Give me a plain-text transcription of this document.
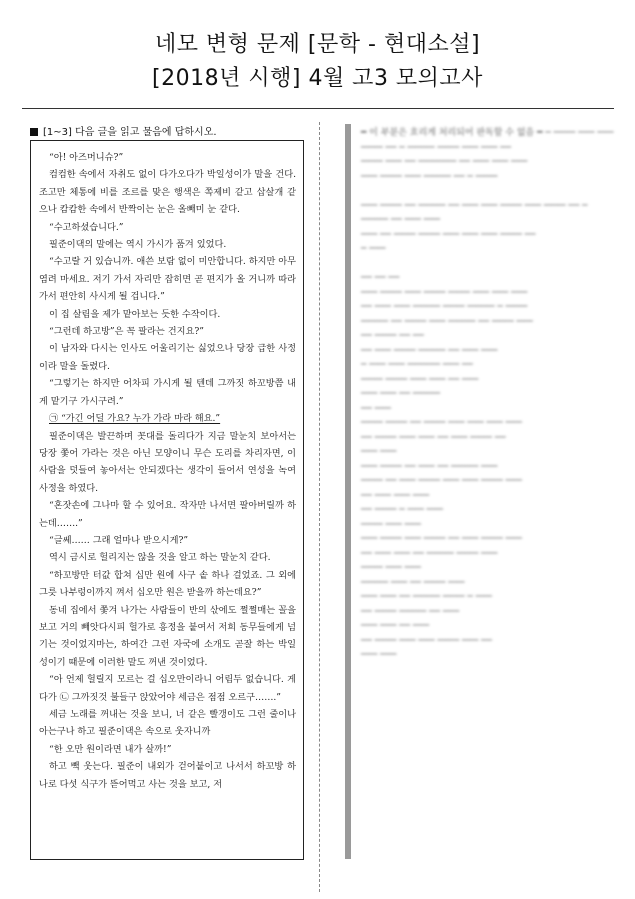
네모 변형 문제 [문학 - 현대소설]
[2018년 시행] 4월 고3 모의고사
[1~3] 다음 글을 읽고 물음에 답하시오.

“아! 아즈머니슈?”

컴컴한 속에서 자취도 없이 다가오다가 박일성이가 말을 건다. 조고만 체통에 비를 조르를 맞은 행색은 쪽제비 같고 삽살개 같으나 캄캄한 속에서 반짝이는 눈은 올빼미 눈 같다.

“수고하셨습니다.”

필준이댁의 말에는 역시 가시가 품겨 있었다.

“수고랄 거 있습니까. 애쓴 보람 없이 미안합니다. 하지만 아무 염려 마세요. 저기 가서 자리만 잡히면 곧 편지가 올 거니까 따라가서 편안히 사시게 될 겁니다.”

이 집 살림을 제가 맡아보는 듯한 수작이다.

“그런데 하고방”은 꼭 팔라는 건지요?”

이 남자와 다시는 인사도 어울리기는 싫었으나 당장 급한 사정이라 말을 돌렸다.

“그렇기는 하지만 어차피 가시게 될 텐데 그까짓 하꼬방쯤 내게 맡기구 가시구려.”

㉠ “가긴 어딜 가요? 누가 가라 마라 해요.”

필준이댁은 발끈하며 꼿대를 돌리다가 지금 말눈치 보아서는 당장 쫓어 가라는 것은 아닌 모양이니 무슨 도리를 차리자면, 이 사람을 덧들여 놓아서는 안되겠다는 생각이 들어서 연성을 녹여 사정을 하였다.

“혼잣손에 그나마 할 수 있어요. 작자만 나서면 팔아버릴까 하는데…….”

“글쎄…… 그래 얼마나 받으시게?”

역시 금시로 헐리지는 않을 것을 알고 하는 말눈치 같다.

“하꼬방만 터값 합쳐 십만 원에 사구 솥 하나 걸었죠. 그 외에 그릇 나부렁이까지 껴서 십오만 원은 받을까 하는데요?”

동네 집에서 쫓겨 나가는 사람들이 반의 삯에도 쩔쩔매는 꼴을 보고 거의 빼앗다시피 헐가로 흥정을 붙여서 저희 동무들에게 넘기는 것이었지마는, 하여간 그런 자국에 소개도 곧잘 하는 박일성이기 때문에 이러한 말도 꺼낸 것이었다.

“아 언제 헐릴지 모르는 걸 십오만이라니 어림두 없습니다. 게다가 ㉡ 그까짓것 불들구 앉았어야 세금은 점점 오르구…….”

세금 노래를 꺼내는 것을 보니, 너 같은 빨갱이도 그런 줄이나 아는구나 하고 필준이댁은 속으로 웃자니까

“한 오만 원이라면 내가 살까!”

하고 빽 웃는다. 필준이 내외가 걷어붙이고 나서서 하꼬방 하나로 다섯 식구가 뜯어먹고 사는 것을 보고, 저

━ 이 부분은 흐리게 처리되어 판독할 수 없음 ━ ─ ──── ─── ─── ──── ── ─ ───── ──── ─── ─── ──
──── ─── ── ─────── ── ─── ─── ───
─── ──── ─── ───── ── ─ ────

─── ──── ── ───── ── ─── ─── ──── ─── ──── ── ─ ───── ── ─── ───
─── ── ──── ──── ─── ─── ─── ──── ──
─ ───

── ── ──
─── ──── ─── ──── ──── ─── ─── ───
── ─── ─── ───── ──── ───── ─ ────
───── ── ──── ─── ───── ── ──── ───
── ──── ── ──
── ─── ──── ───── ── ─── ───
─ ─── ─── ────── ─── ──
──── ──── ─── ─── ── ───
─── ─── ── ─────
── ───
──── ──── ── ──── ─── ─── ─── ───
── ──── ─── ─── ── ─── ──── ──
─── ───
─── ──── ── ─── ── ───── ───
──── ── ─── ──── ─── ─── ──── ───
── ─── ─── ───
── ──── ─ ─── ───
──── ─── ───
─── ──── ─── ──── ── ─── ──── ───
── ─── ─── ── ───── ──── ───
──── ─── ───
───── ─── ── ──── ───
─── ─── ── ───── ──── ─ ───
── ──── ───── ── ───
─── ─── ── ───
── ──── ─── ─── ──── ─── ──
─── ───
